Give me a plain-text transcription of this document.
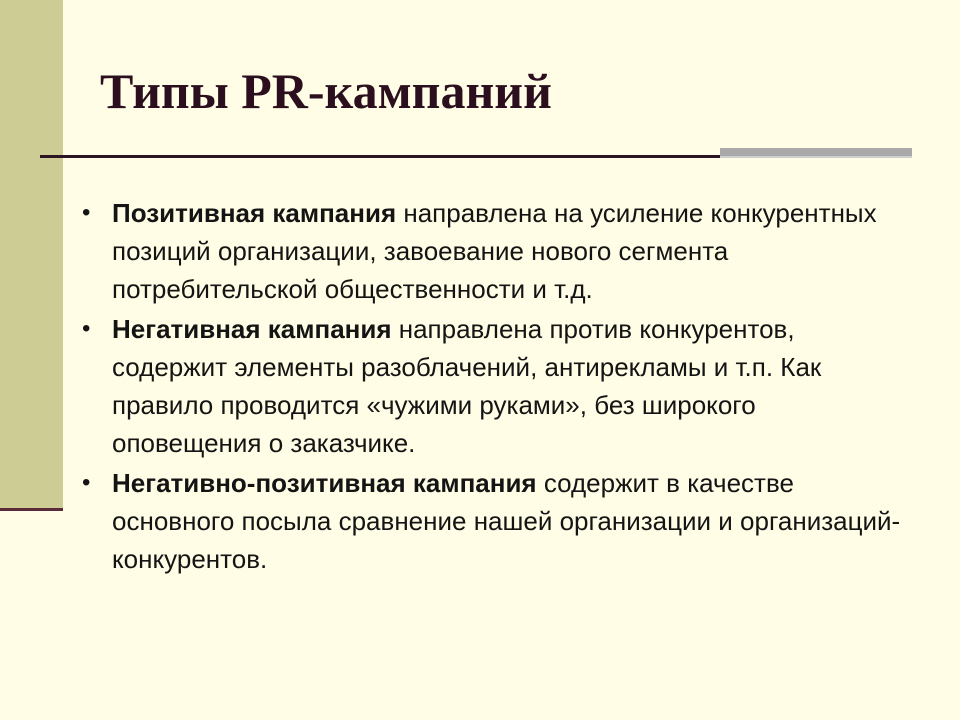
Типы PR-кампаний
• Позитивная кампания направлена на усиление конкурентных позиций организации, завоевание нового сегмента потребительской общественности и т.д.
• Негативная кампания направлена против конкурентов, содержит элементы разоблачений, антирекламы и т.п. Как правило проводится «чужими руками», без широкого оповещения о заказчике.
• Негативно-позитивная кампания содержит в качестве основного посыла сравнение нашей организации и организаций-конкурентов.
